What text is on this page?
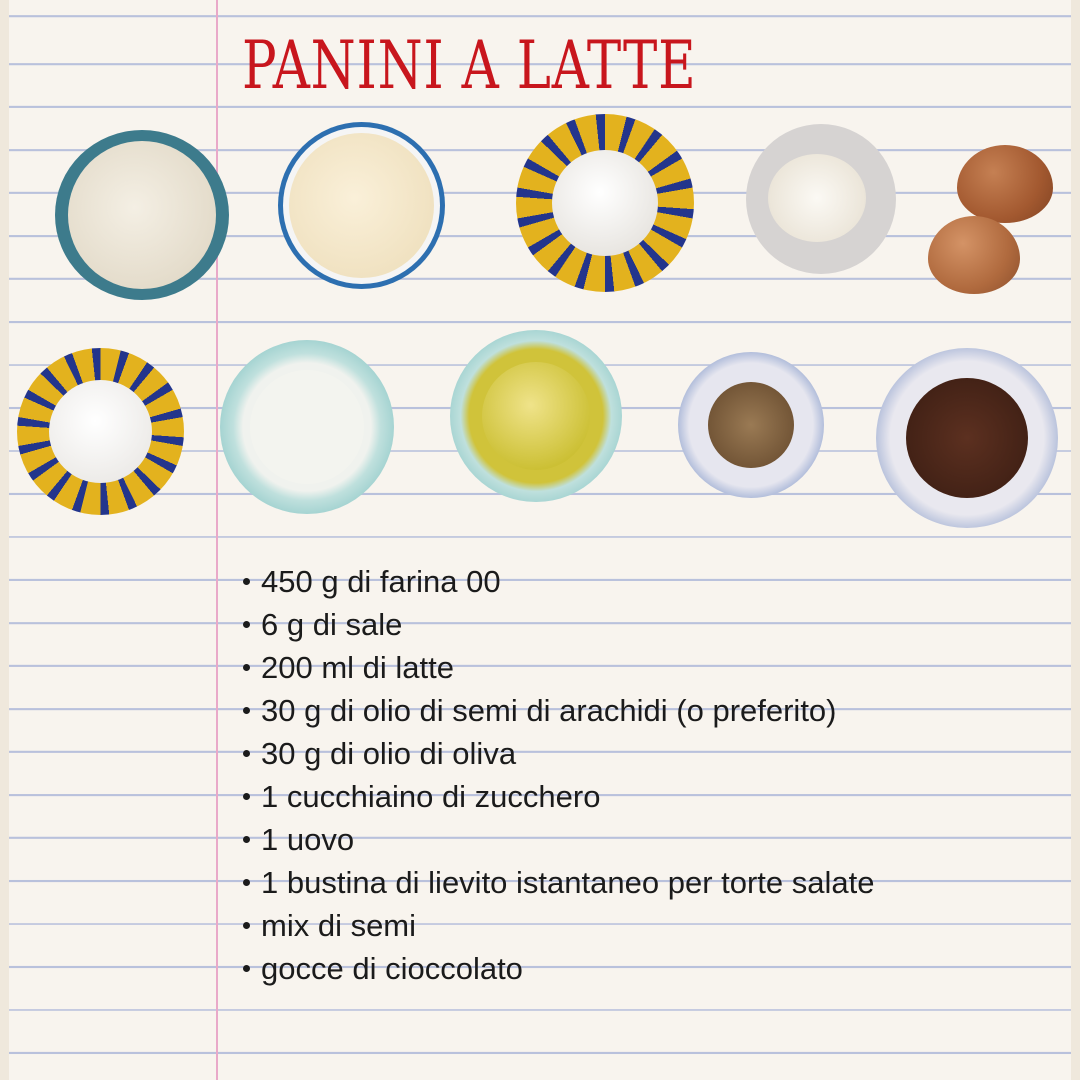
PANINI A LATTE
450 g di farina 00
6 g di sale
200 ml di latte
30 g di olio di semi di arachidi (o preferito)
30 g di olio di oliva
1 cucchiaino di zucchero
1 uovo
1 bustina di lievito istantaneo per torte salate
mix di semi
gocce di cioccolato
